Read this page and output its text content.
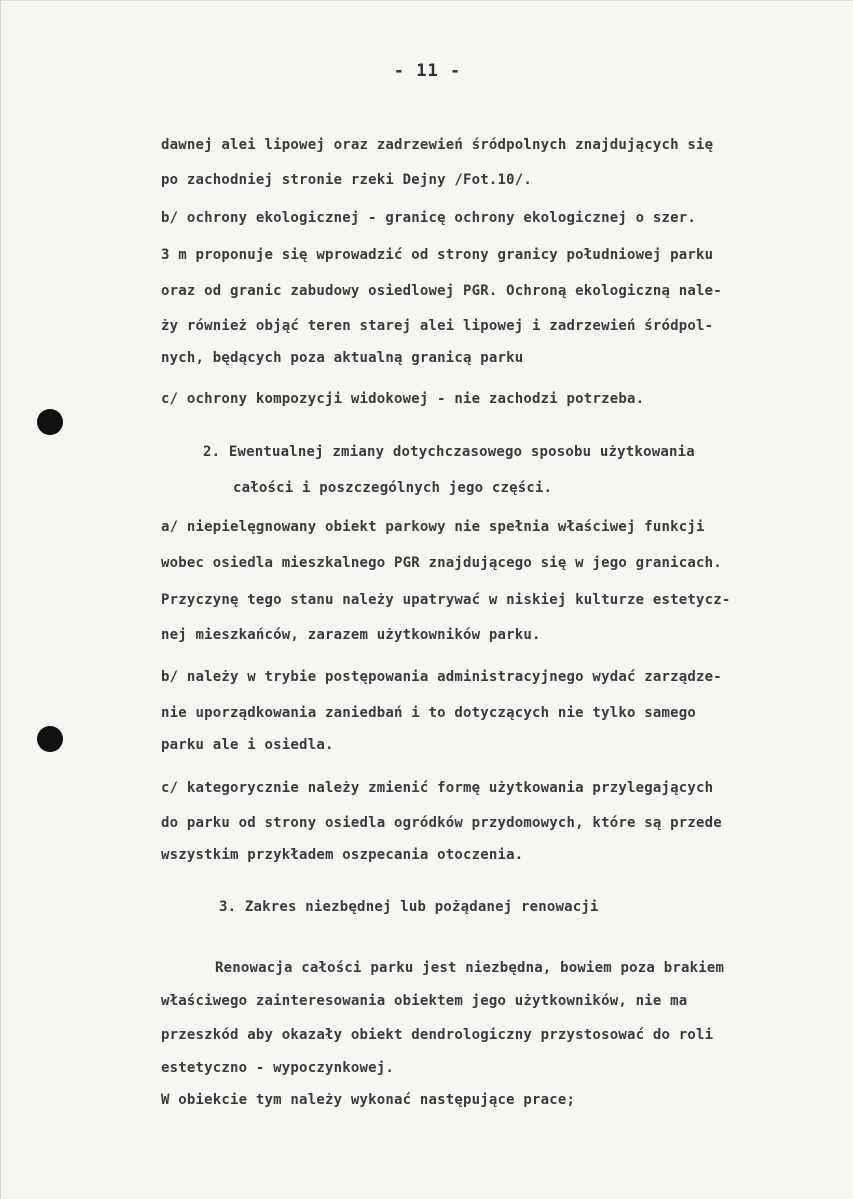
- 11 -
dawnej alei lipowej oraz zadrzewień śródpolnych znajdujących się
po zachodniej stronie rzeki Dejny /Fot.10/.
b/ ochrony ekologicznej - granicę ochrony ekologicznej o szer.
3 m proponuje się wprowadzić od strony granicy południowej parku
oraz od granic zabudowy osiedlowej PGR. Ochroną ekologiczną nale-
ży również objąć teren starej alei lipowej i zadrzewień śródpol-
nych, będących poza aktualną granicą parku
c/ ochrony kompozycji widokowej - nie zachodzi potrzeba.
2. Ewentualnej zmiany dotychczasowego sposobu użytkowania
całości i poszczególnych jego części.
a/ niepielęgnowany obiekt parkowy nie spełnia właściwej funkcji
wobec osiedla mieszkalnego PGR znajdującego się w jego granicach.
Przyczynę tego stanu należy upatrywać w niskiej kulturze estetycz-
nej mieszkańców, zarazem użytkowników parku.
b/ należy w trybie postępowania administracyjnego wydać zarządze-
nie uporządkowania zaniedbań i to dotyczących nie tylko samego
parku ale i osiedla.
c/ kategorycznie należy zmienić formę użytkowania przylegających
do parku od strony osiedla ogródków przydomowych, które są przede
wszystkim przykładem oszpecania otoczenia.
3. Zakres niezbędnej lub pożądanej renowacji
Renowacja całości parku jest niezbędna, bowiem poza brakiem
właściwego zainteresowania obiektem jego użytkowników, nie ma
przeszkód aby okazały obiekt dendrologiczny przystosować do roli
estetyczno - wypoczynkowej.
W obiekcie tym należy wykonać następujące prace;
